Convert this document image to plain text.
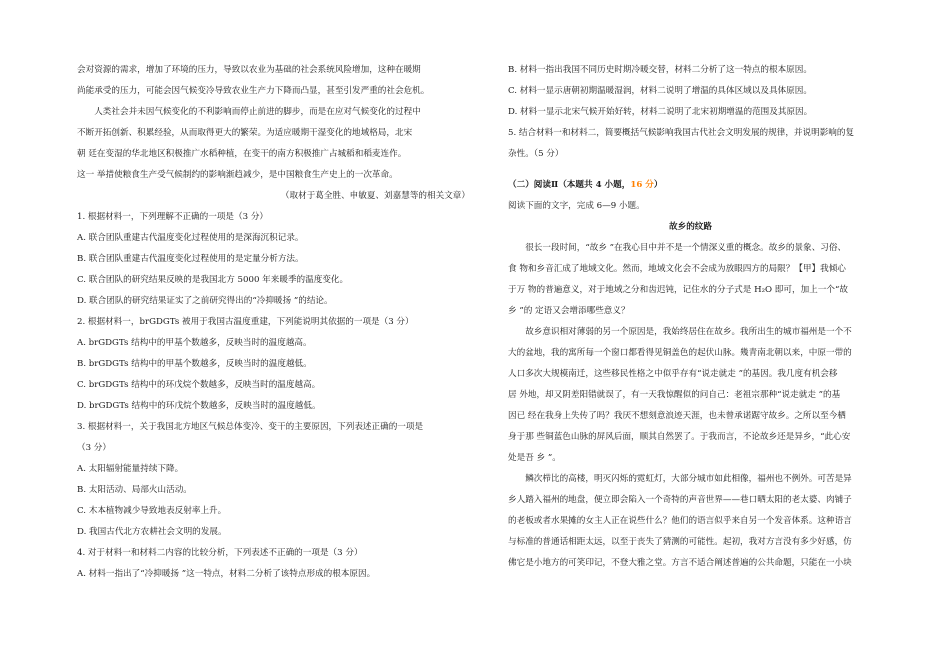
会对资源的需求，增加了环境的压力，导致以农业为基础的社会系统风险增加，这种在暖期

尚能承受的压力，可能会因气候变冷导致农业生产力下降而凸显，甚至引发严重的社会危机。

人类社会并未因气候变化的不利影响而停止前进的脚步，而是在应对气候变化的过程中

不断开拓创新、积累经验，从而取得更大的繁荣。为适应暖期干湿变化的地域格局，北宋

朝 廷在变湿的华北地区积极推广水稻种植，在变干的南方积极推广占城稻和稻麦连作。

这一 举措使粮食生产受气候制约的影响渐趋减少，是中国粮食生产史上的一次革命。

（取材于葛全胜、申敏夏、刘嘉慧等的相关文章）

1. 根据材料一，下列理解不正确的一项是（3 分）

A. 联合团队重建古代温度变化过程使用的是深海沉积记录。

B. 联合团队重建古代温度变化过程使用的是定量分析方法。

C. 联合团队的研究结果反映的是我国北方 5000 年来暖季的温度变化。

D. 联合团队的研究结果证实了之前研究得出的“冷抑暖扬 ”的结论。

2. 根据材料一，brGDGTs 被用于我国古温度重建，下列能说明其依据的一项是（3 分）

A. brGDGTs 结构中的甲基个数越多，反映当时的温度越高。

B. brGDGTs 结构中的甲基个数越多，反映当时的温度越低。

C. brGDGTs 结构中的环戊烷个数越多，反映当时的温度越高。

D. brGDGTs 结构中的环戊烷个数越多，反映当时的温度越低。

3. 根据材料一，关于我国北方地区气候总体变冷、变干的主要原因，下列表述正确的一项是

（3 分）

A. 太阳辐射能量持续下降。

B. 太阳活动、局部火山活动。

C. 木本植物减少导致地表反射率上升。

D. 我国古代北方农耕社会文明的发展。

4. 对于材料一和材料二内容的比较分析，下列表述不正确的一项是（3 分）

A. 材料一指出了“冷抑暖扬 ”这一特点，材料二分析了该特点形成的根本原因。

B. 材料一指出我国不同历史时期冷暖交替，材料二分析了这一特点的根本原因。

C. 材料一显示唐朝初期温暖湿润，材料二说明了增温的具体区域以及具体原因。

D. 材料一显示北宋气候开始好转，材料二说明了北宋初期增温的范围及其原因。

5. 结合材料一和材料二，简要概括气候影响我国古代社会文明发展的规律，并说明影响的复

杂性。（5 分）

（二）阅读Ⅱ（本题共 4 小题，16 分）

阅读下面的文字，完成 6—9 小题。

故乡的纹路

很长一段时间，“故乡 ”在我心目中并不是一个情深义重的概念。故乡的景象、习俗、

食 物和乡音汇成了地域文化。然而，地域文化会不会成为放眼四方的局限？【甲】我倾心

于万 物的普遍意义，对于地域之分和齿迟钝，记住水的分子式是 H₂O 即可，加上一个“故

乡 ”的 定语又会增添哪些意义？

故乡意识相对薄弱的另一个原因是，我始终居住在故乡。我所出生的城市福州是一个不

大的盆地，我的寓所每一个窗口都看得见铜盖色的起伏山脉。幾青南北朝以来，中原一带的

人口多次大规模南迁，这些移民性格之中似乎存有“说走就走 ”的基因。我几度有机会移

居 外地，却又阴差阳错就误了，有一天我惊醒似的问自己：老祖宗那种“说走就走 ”的基

因已 经在我身上失传了吗？我厌不想刻意浪迹天涯，也未曾承诺踞守故乡。之所以至今栖

身于那 些铜蓝色山脉的屏风后面，顺其自然罢了。于我而言，不论故乡还是异乡，“此心安

处是吾 乡 ”。

鳞次栉比的高楼，明灭闪烁的霓虹灯，大部分城市如此相像，福州也不例外。可苦是异

乡人踏入福州的地盘，便立即会陷入一个奇特的声音世界——巷口晒太阳的老太婆、肉铺子

的老板或者水果摊的女主人正在说些什么？他们的语言似乎来自另一个发音体系。这种语言

与标准的普通话相距太远，以至于丧失了猜测的可能性。起初，我对方言没有多少好感，仿

佛它是小地方的可笑印记，不登大雅之堂。方言不适合阐述普遍的公共命题，只能在一小块
